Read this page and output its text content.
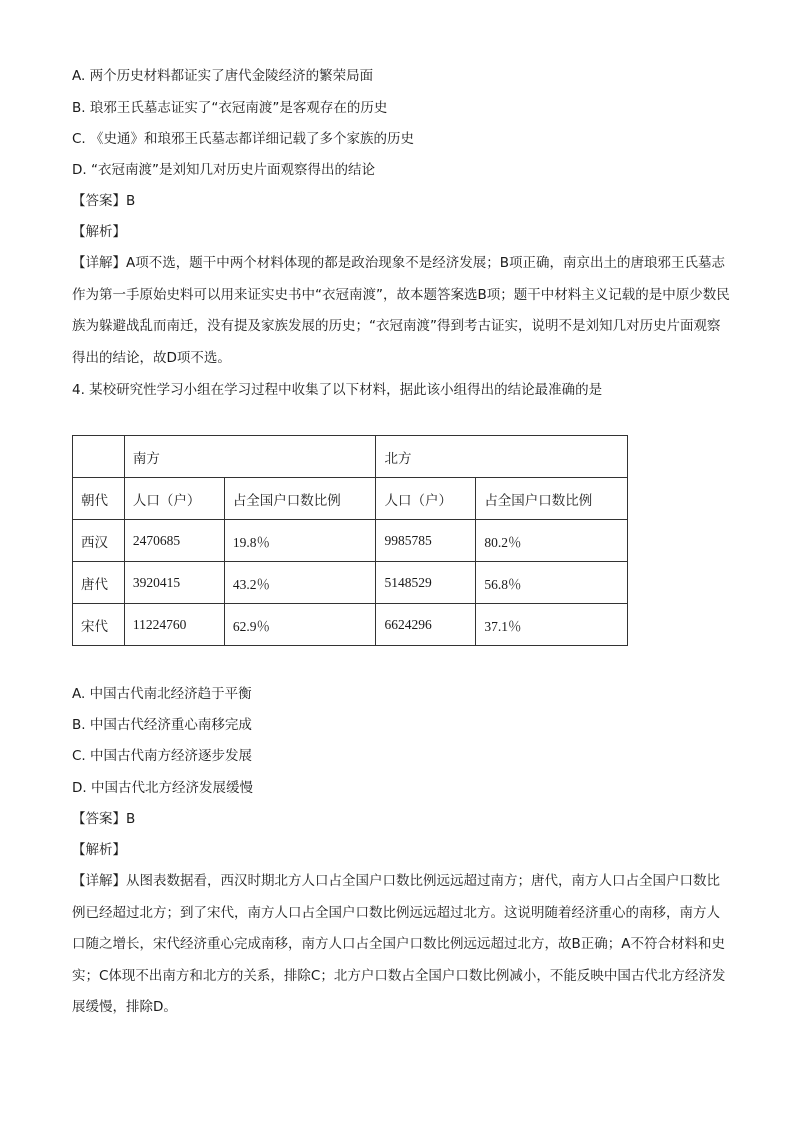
A. 两个历史材料都证实了唐代金陵经济的繁荣局面
B. 琅邪王氏墓志证实了“衣冠南渡”是客观存在的历史
C. 《史通》和琅邪王氏墓志都详细记载了多个家族的历史
D. “衣冠南渡”是刘知几对历史片面观察得出的结论
【答案】B
【解析】
【详解】A项不选，题干中两个材料体现的都是政治现象不是经济发展；B项正确，南京出土的唐琅邪王氏墓志作为第一手原始史料可以用来证实史书中“衣冠南渡”，故本题答案选B项；题干中材料主义记载的是中原少数民族为躲避战乱而南迁，没有提及家族发展的历史；“衣冠南渡”得到考古证实，说明不是刘知几对历史片面观察得出的结论，故D项不选。
4. 某校研究性学习小组在学习过程中收集了以下材料，据此该小组得出的结论最准确的是
	南方		北方	
朝代	人口（户）	占全国户口数比例	人口（户）	占全国户口数比例
西汉	2470685	19.8％	9985785	80.2％
唐代	3920415	43.2％	5148529	56.8％
宋代	11224760	62.9％	6624296	37.1％
A. 中国古代南北经济趋于平衡
B. 中国古代经济重心南移完成
C. 中国古代南方经济逐步发展
D. 中国古代北方经济发展缓慢
【答案】B
【解析】
【详解】从图表数据看，西汉时期北方人口占全国户口数比例远远超过南方；唐代，南方人口占全国户口数比例已经超过北方；到了宋代，南方人口占全国户口数比例远远超过北方。这说明随着经济重心的南移，南方人口随之增长，宋代经济重心完成南移，南方人口占全国户口数比例远远超过北方，故B正确；A不符合材料和史实；C体现不出南方和北方的关系，排除C；北方户口数占全国户口数比例减小，不能反映中国古代北方经济发展缓慢，排除D。
